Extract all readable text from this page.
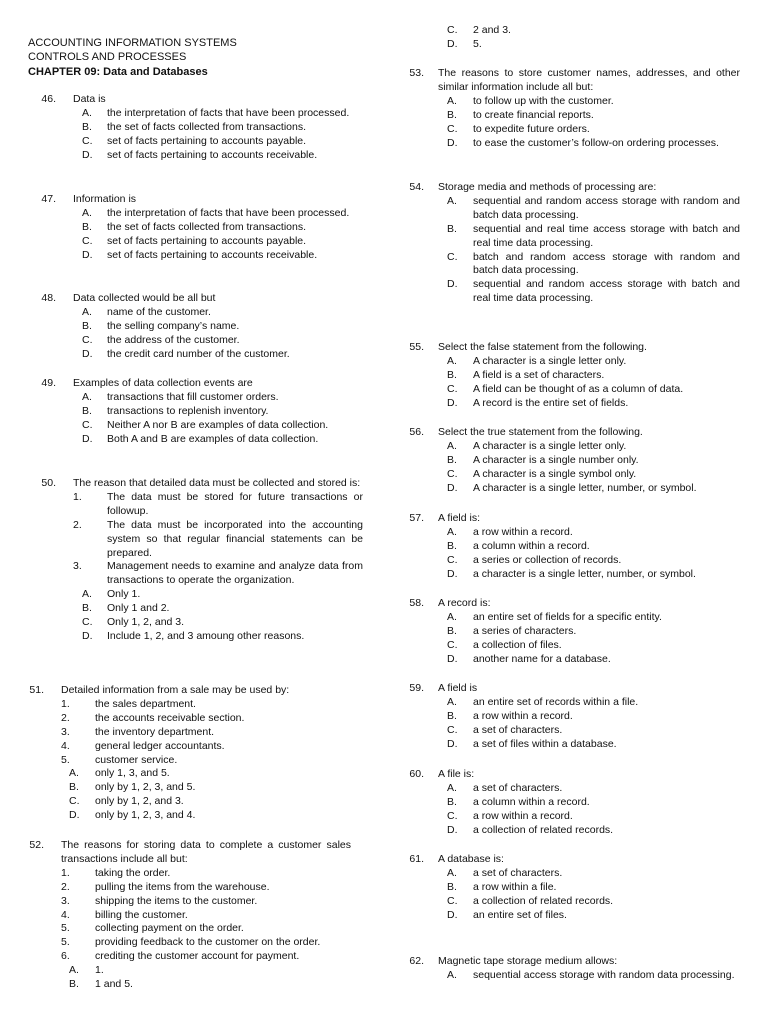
ACCOUNTING INFORMATION SYSTEMS
CONTROLS AND PROCESSES
CHAPTER 09: Data and Databases
46. Data is
A.	the interpretation of facts that have been processed.
B.	the set of facts collected from transactions.
C.	set of facts pertaining to accounts payable.
D.	set of facts pertaining to accounts receivable.
47. Information is
A.	the interpretation of facts that have been processed.
B.	the set of facts collected from transactions.
C.	set of facts pertaining to accounts payable.
D.	set of facts pertaining to accounts receivable.
48. Data collected would be all but
A.	name of the customer.
B.	the selling company’s name.
C.	the address of the customer.
D.	the credit card number of the customer.
49. Examples of data collection events are
A.	transactions that fill customer orders.
B.	transactions to replenish inventory.
C.	Neither A nor B are examples of data collection.
D.	Both A and B are examples of data collection.
50. The reason that detailed data must be collected and stored is:
1.	The data must be stored for future transactions or followup.
2.	The data must be incorporated into the accounting system so that regular financial statements can be prepared.
3.	Management needs to examine and analyze data from transactions to operate the organization.
A.	Only 1.
B.	Only 1 and 2.
C.	Only 1, 2, and 3.
D.	Include 1, 2, and 3 amoung other reasons.
51. Detailed information from a sale may be used by:
1.	the sales department.
2.	the accounts receivable section.
3.	the inventory department.
4.	general ledger accountants.
5.	customer service.
A.	only 1, 3, and 5.
B.	only by 1, 2, 3, and 5.
C.	only by 1, 2, and 3.
D.	only by 1, 2, 3, and 4.
52. The reasons for storing data to complete a customer sales transactions include all but:
1.	taking the order.
2.	pulling the items from the warehouse.
3.	shipping the items to the customer.
4.	billing the customer.
5.	collecting payment on the order.
5.	providing feedback to the customer on the order.
6.	crediting the customer account for payment.
A.	1.
B.	1 and 5.
C.	2 and 3.
D.	5.
53. The reasons to store customer names, addresses, and other similar information include all but:
A.	to follow up with the customer.
B.	to create financial reports.
C.	to expedite future orders.
D.	to ease the customer’s follow-on ordering processes.
54. Storage media and methods of processing are:
A.	sequential and random access storage with random and batch data processing.
B.	sequential and real time access storage with batch and real time data processing.
C.	batch and random access storage with random and batch data processing.
D.	sequential and random access storage with batch and real time data processing.
55. Select the false statement from the following.
A.	A character is a single letter only.
B.	A field is a set of characters.
C.	A field can be thought of as a column of data.
D.	A record is the entire set of fields.
56. Select the true statement from the following.
A.	A character is a single letter only.
B.	A character is a single number only.
C.	A character is a single symbol only.
D.	A character is a single letter, number, or symbol.
57. A field is:
A.	a row within a record.
B.	a column within a record.
C.	a series or collection of records.
D.	a character is a single letter, number, or symbol.
58. A record is:
A.	an entire set of fields for a specific entity.
B.	a series of characters.
C.	a collection of files.
D.	another name for a database.
59. A field is
A.	an entire set of records within a file.
B.	a row within a record.
C.	a set of characters.
D.	a set of files within a database.
60. A file is:
A.	a set of characters.
B.	a column within a record.
C.	a row within a record.
D.	a collection of related records.
61. A database is:
A.	a set of characters.
B.	a row within a file.
C.	a collection of related records.
D.	an entire set of files.
62. Magnetic tape storage medium allows:
A.	sequential access storage with random data processing.
